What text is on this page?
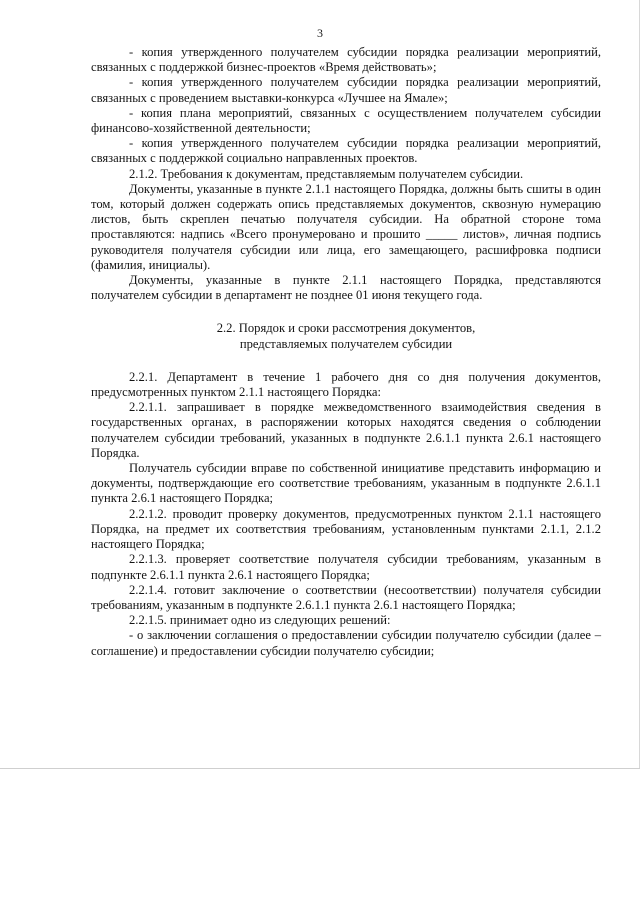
3

- копия утвержденного получателем субсидии порядка реализации мероприятий, связанных с поддержкой бизнес-проектов «Время действовать»;

- копия утвержденного получателем субсидии порядка реализации мероприятий, связанных с проведением выставки-конкурса «Лучшее на Ямале»;

- копия плана мероприятий, связанных с осуществлением получателем субсидии финансово-хозяйственной деятельности;

- копия утвержденного получателем субсидии порядка реализации мероприятий, связанных с поддержкой социально направленных проектов.

2.1.2. Требования к документам, представляемым получателем субсидии.

Документы, указанные в пункте 2.1.1 настоящего Порядка, должны быть сшиты в один том, который должен содержать опись представляемых документов, сквозную нумерацию листов, быть скреплен печатью получателя субсидии. На обратной стороне тома проставляются: надпись «Всего пронумеровано и прошито _____ листов», личная подпись руководителя получателя субсидии или лица, его замещающего, расшифровка подписи (фамилия, инициалы).

Документы, указанные в пункте 2.1.1 настоящего Порядка, представляются получателем субсидии в департамент не позднее 01 июня текущего года.

2.2. Порядок и сроки рассмотрения документов,

представляемых получателем субсидии

2.2.1. Департамент в течение 1 рабочего дня со дня получения документов, предусмотренных пунктом 2.1.1 настоящего Порядка:

2.2.1.1. запрашивает в порядке межведомственного взаимодействия сведения в государственных органах, в распоряжении которых находятся сведения о соблюдении получателем субсидии требований, указанных в подпункте 2.6.1.1 пункта 2.6.1 настоящего Порядка.

Получатель субсидии вправе по собственной инициативе представить информацию и документы, подтверждающие его соответствие требованиям, указанным в подпункте 2.6.1.1 пункта 2.6.1 настоящего Порядка;

2.2.1.2. проводит проверку документов, предусмотренных пунктом 2.1.1 настоящего Порядка, на предмет их соответствия требованиям, установленным пунктами 2.1.1, 2.1.2 настоящего Порядка;

2.2.1.3. проверяет соответствие получателя субсидии требованиям, указанным в подпункте 2.6.1.1 пункта 2.6.1 настоящего Порядка;

2.2.1.4. готовит заключение о соответствии (несоответствии) получателя субсидии требованиям, указанным в подпункте 2.6.1.1 пункта 2.6.1 настоящего Порядка;

2.2.1.5. принимает одно из следующих решений:

- о заключении соглашения о предоставлении субсидии получателю субсидии (далее – соглашение) и предоставлении субсидии получателю субсидии;
